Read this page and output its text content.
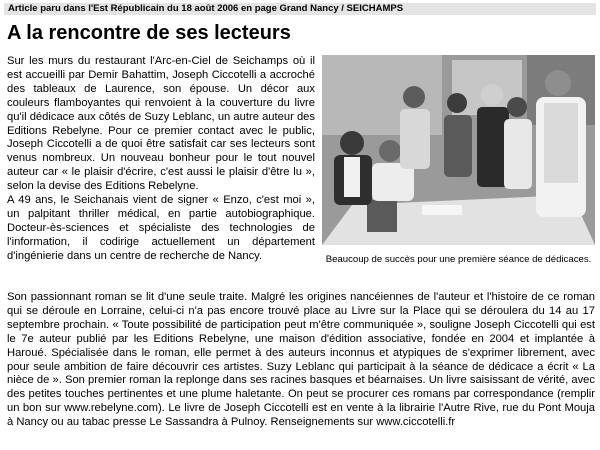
Article paru dans l'Est Républicain du 18 août 2006 en page Grand Nancy / SEICHAMPS
A la rencontre de ses lecteurs

Sur les murs du restaurant l'Arc-en-Ciel de Seichamps où il est accueilli par Demir Bahattim, Joseph Ciccotelli a accroché des tableaux de Laurence, son épouse. Un décor aux couleurs flamboyantes qui renvoient à la couverture du livre qu'il dédicace aux côtés de Suzy Leblanc, un autre auteur des Editions Rebelyne. Pour ce premier contact avec le public, Joseph Ciccotelli a de quoi être satisfait car ses lecteurs sont venus nombreux. Un nouveau bonheur pour le tout nouvel auteur car « le plaisir d'écrire, c'est aussi le plaisir d'être lu », selon la devise des Editions Rebelyne.

A 49 ans, le Seichanais vient de signer « Enzo, c'est moi », un palpitant thriller médical, en partie autobiographique. Docteur-ès-sciences et spécialiste des technologies de l'information, il codirige actuellement un département d'ingénierie dans un centre de recherche de Nancy.	Beaucoup de succès pour une première séance de dédicaces.

Son passionnant roman se lit d'une seule traite. Malgré les origines nancéiennes de l'auteur et l'histoire de ce roman qui se déroule en Lorraine, celui-ci n'a pas encore trouvé place au Livre sur la Place qui se déroulera du 14 au 17 septembre prochain. « Toute possibilité de participation peut m'être communiquée », souligne Joseph Ciccotelli qui est le 7e auteur publié par les Editions Rebelyne, une maison d'édition associative, fondée en 2004 et implantée à Haroué. Spécialisée dans le roman, elle permet à des auteurs inconnus et atypiques de s'exprimer librement, avec pour seule ambition de faire découvrir ces artistes. Suzy Leblanc qui participait à la séance de dédicace a écrit « La nièce de ». Son premier roman la replonge dans ses racines basques et béarnaises. Un livre saisissant de vérité, avec des petites touches pertinentes et une plume haletante. On peut se procurer ces romans par correspondance (remplir un bon sur www.rebelyne.com). Le livre de Joseph Ciccotelli est en vente à la librairie l'Autre Rive, rue du Pont Mouja à Nancy ou au tabac presse Le Sassandra à Pulnoy. Renseignements sur www.ciccotelli.fr
